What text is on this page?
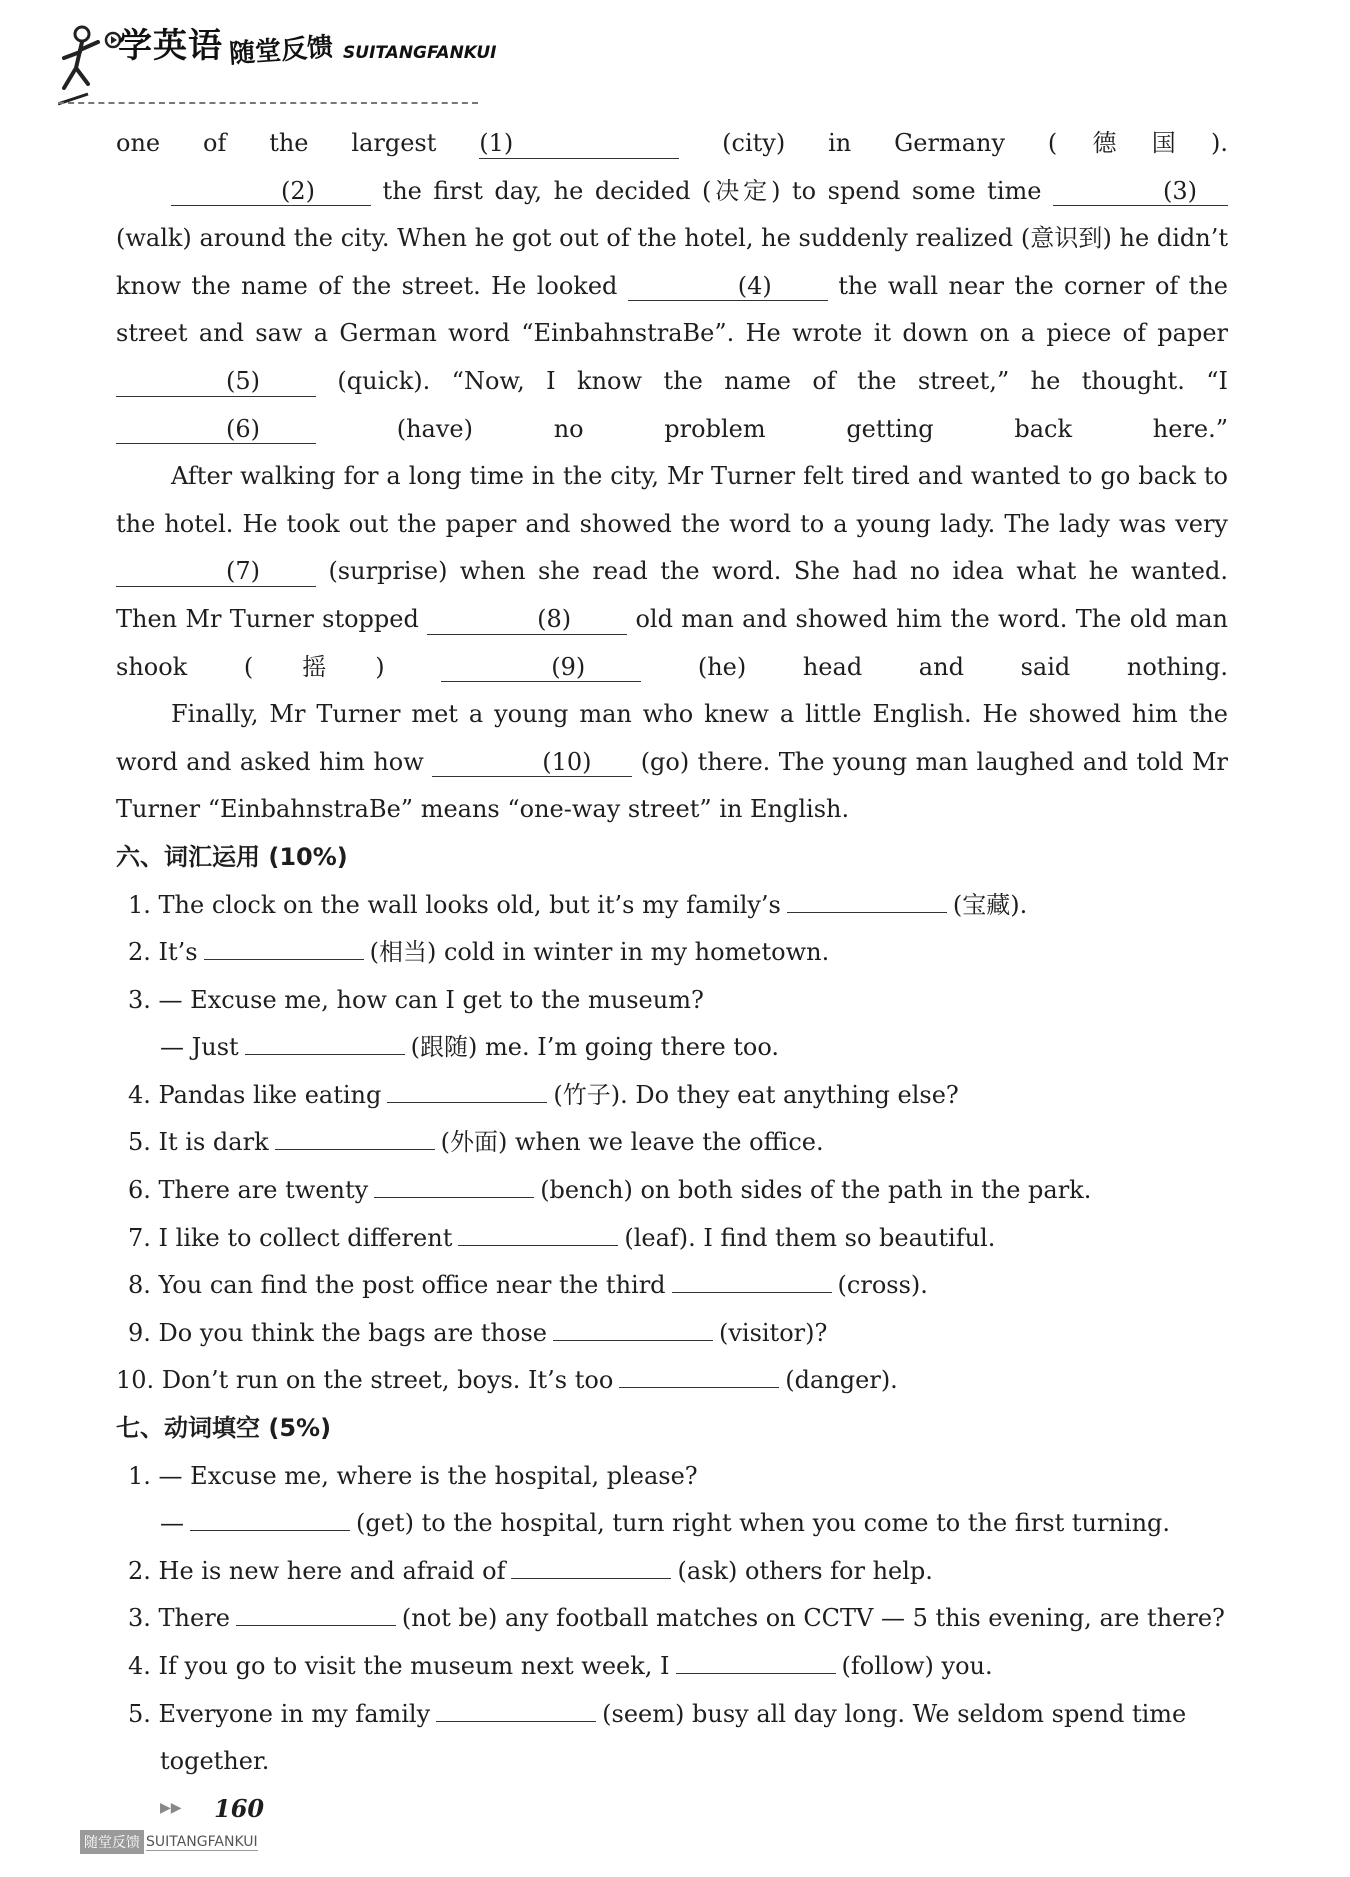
学英语 随堂反馈 SUITANGFANKUI

one of the largest (1)	(city) in Germany (德国).

(2) the first day, he decided (决定) to spend some time	(3) (walk) around the city. When he got out of the hotel, he suddenly realized (意识到) he didn’t know the name of the street. He looked	(4) the wall near the corner of the street and saw a German word “EinbahnstraBe”. He wrote it down on a piece of paper (5) (quick). “Now, I know the name of the street,” he thought. “I (6) (have) no problem getting back here.”

After walking for a long time in the city, Mr Turner felt tired and wanted to go back to the hotel. He took out the paper and showed the word to a young lady. The lady was very (7) (surprise) when she read the word. She had no idea what he wanted. Then Mr Turner stopped	(8) old man and showed him the word. The old man shook (摇)	(9) (he) head and said nothing.

Finally, Mr Turner met a young man who knew a little English. He showed him the word and asked him how	(10) (go) there. The young man laughed and told Mr Turner “EinbahnstraBe” means “one-way street” in English.

六、词汇运用 (10%)

1. The clock on the wall looks old, but it’s my family’s	(宝藏).

2. It’s	(相当) cold in winter in my hometown.

3. — Excuse me, how can I get to the museum?

— Just	(跟随) me. I’m going there too.

4. Pandas like eating	(竹子). Do they eat anything else?

5. It is dark	(外面) when we leave the office.

6. There are twenty	(bench) on both sides of the path in the park.

7. I like to collect different	(leaf). I find them so beautiful.

8. You can find the post office near the third	(cross).

9. Do you think the bags are those	(visitor)?

10. Don’t run on the street, boys. It’s too	(danger).

七、动词填空 (5%)

1. — Excuse me, where is the hospital, please?

—	(get) to the hospital, turn right when you come to the first turning.

2. He is new here and afraid of	(ask) others for help.

3. There	(not be) any football matches on CCTV — 5 this evening, are there?

4. If you go to visit the museum next week, I	(follow) you.

5. Everyone in my family	(seem) busy all day long. We seldom spend time

together.

▶▶ 160
随堂反馈 SUITANGFANKUI
